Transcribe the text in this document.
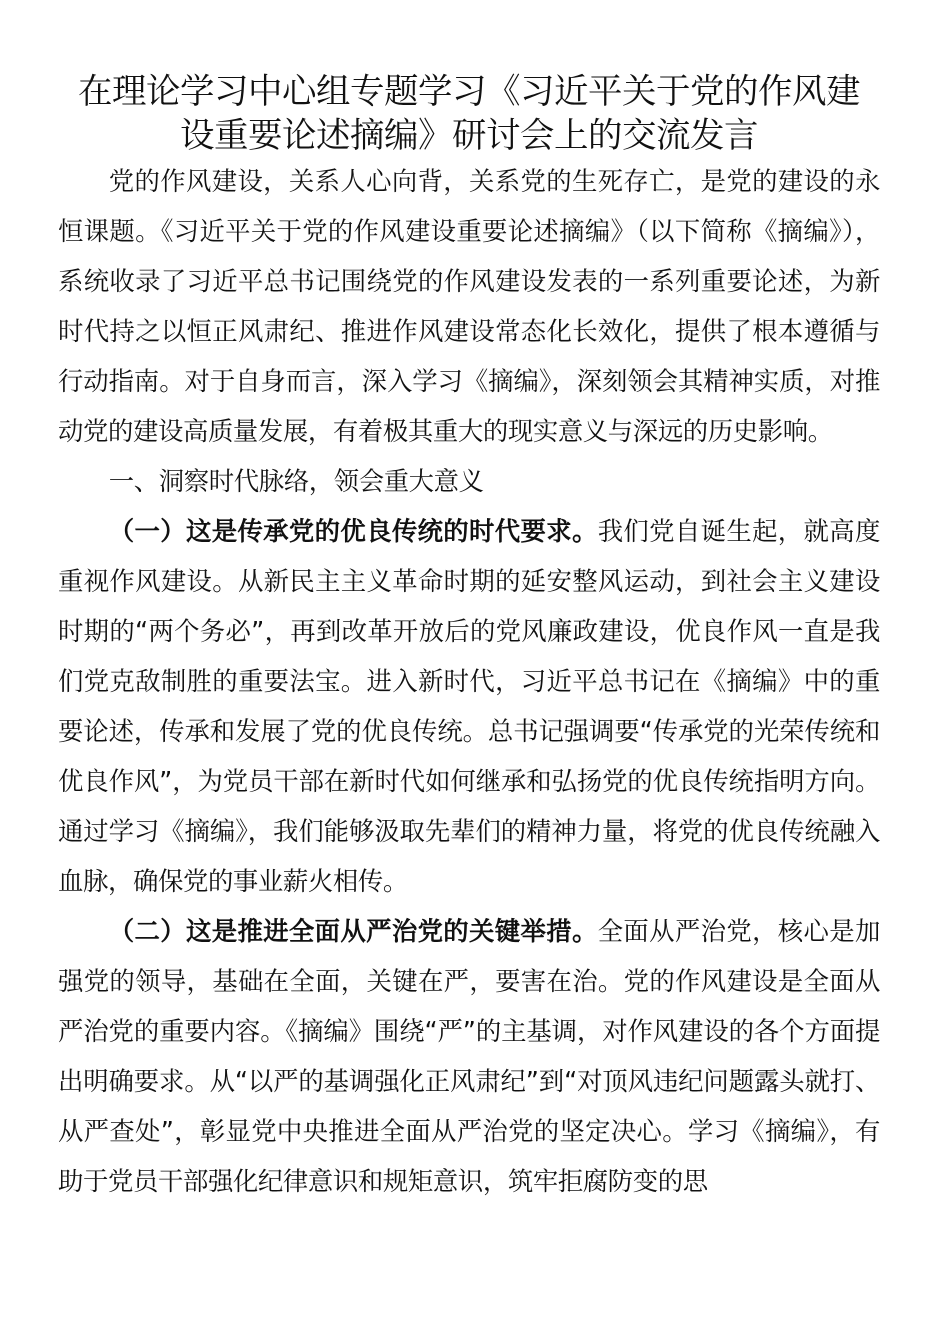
在理论学习中心组专题学习《习近平关于党的作风建
设重要论述摘编》研讨会上的交流发言

党的作风建设，关系人心向背，关系党的生死存亡，是党的建设的永恒课题。《习近平关于党的作风建设重要论述摘编》（以下简称《摘编》），系统收录了习近平总书记围绕党的作风建设发表的一系列重要论述，为新时代持之以恒正风肃纪、推进作风建设常态化长效化，提供了根本遵循与行动指南。对于自身而言，深入学习《摘编》，深刻领会其精神实质，对推动党的建设高质量发展，有着极其重大的现实意义与深远的历史影响。

一、洞察时代脉络，领会重大意义

（一）这是传承党的优良传统的时代要求。我们党自诞生起，就高度重视作风建设。从新民主主义革命时期的延安整风运动，到社会主义建设时期的“两个务必”，再到改革开放后的党风廉政建设，优良作风一直是我们党克敌制胜的重要法宝。进入新时代，习近平总书记在《摘编》中的重要论述，传承和发展了党的优良传统。总书记强调要“传承党的光荣传统和优良作风”，为党员干部在新时代如何继承和弘扬党的优良传统指明方向。通过学习《摘编》，我们能够汲取先辈们的精神力量，将党的优良传统融入血脉，确保党的事业薪火相传。

（二）这是推进全面从严治党的关键举措。全面从严治党，核心是加强党的领导，基础在全面，关键在严，要害在治。党的作风建设是全面从严治党的重要内容。《摘编》围绕“严”的主基调，对作风建设的各个方面提出明确要求。从“以严的基调强化正风肃纪”到“对顶风违纪问题露头就打、从严查处”，彰显党中央推进全面从严治党的坚定决心。学习《摘编》，有助于党员干部强化纪律意识和规矩意识，筑牢拒腐防变的思
